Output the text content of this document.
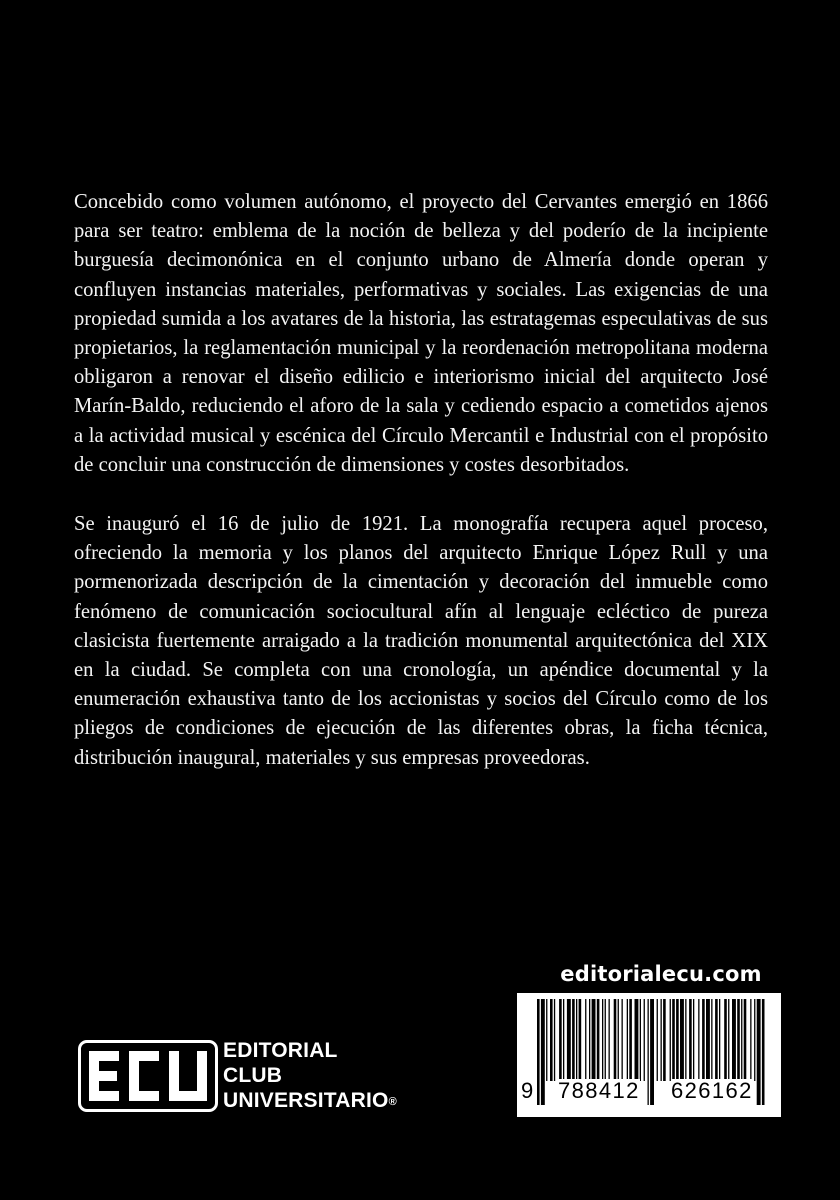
Concebido como volumen autónomo, el proyecto del Cervantes emergió en 1866 para ser teatro: emblema de la noción de belleza y del poderío de la incipiente burguesía decimonónica en el conjunto urbano de Almería donde operan y confluyen instancias materiales, performativas y sociales. Las exigencias de una propiedad sumida a los avatares de la historia, las estratagemas especulativas de sus propietarios, la reglamentación municipal y la reordenación metropolitana moderna obligaron a renovar el diseño edilicio e interiorismo inicial del arquitecto José Marín-Baldo, reduciendo el aforo de la sala y cediendo espacio a cometidos ajenos a la actividad musical y escénica del Círculo Mercantil e Industrial con el propósito de concluir una construcción de dimensiones y costes desorbitados.

Se inauguró el 16 de julio de 1921. La monografía recupera aquel proceso, ofreciendo la memoria y los planos del arquitecto Enrique López Rull y una pormenorizada descripción de la cimentación y decoración del inmueble como fenómeno de comunicación sociocultural afín al lenguaje ecléctico de pureza clasicista fuertemente arraigado a la tradición monumental arquitectónica del XIX en la ciudad. Se completa con una cronología, un apéndice documental y la enumeración exhaustiva tanto de los accionistas y socios del Círculo como de los pliegos de condiciones de ejecución de las diferentes obras, la ficha técnica, distribución inaugural, materiales y sus empresas proveedoras.

editorialecu.com
9 788412 626162
EDITORIAL
CLUB
UNIVERSITARIO®
